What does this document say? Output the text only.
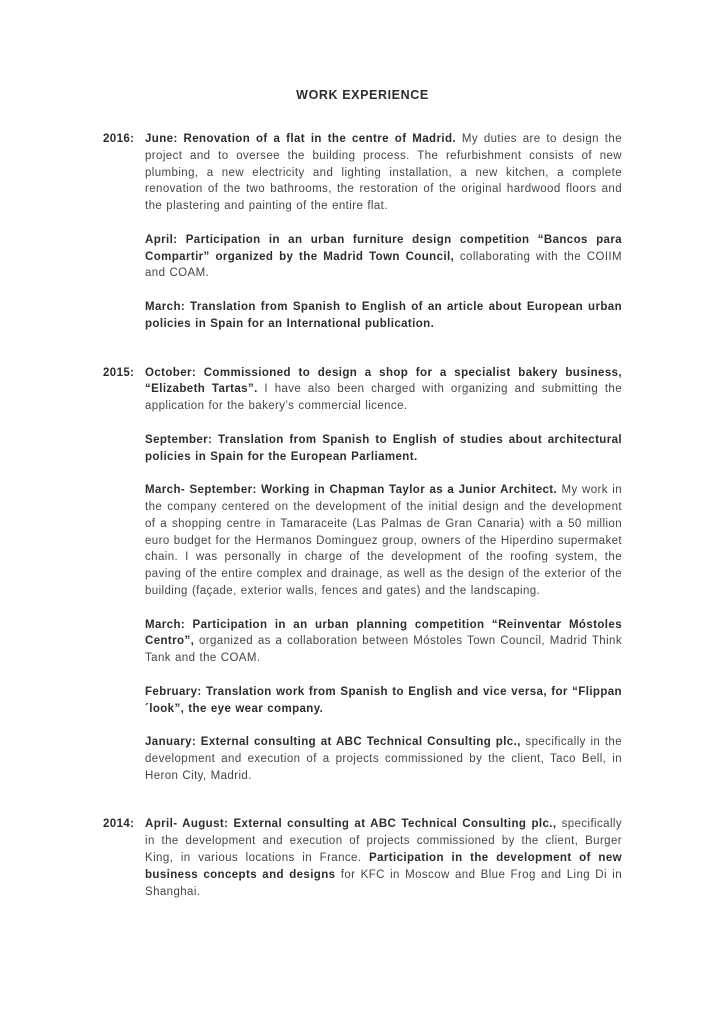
WORK EXPERIENCE
2016: June: Renovation of a flat in the centre of Madrid. My duties are to design the project and to oversee the building process. The refurbishment consists of new plumbing, a new electricity and lighting installation, a new kitchen, a complete renovation of the two bathrooms, the restoration of the original hardwood floors and the plastering and painting of the entire flat.

April: Participation in an urban furniture design competition “Bancos para Compartir” organized by the Madrid Town Council, collaborating with the COIIM and COAM.

March: Translation from Spanish to English of an article about European urban policies in Spain for an International publication.

2015: October: Commissioned to design a shop for a specialist bakery business, “Elizabeth Tartas”. I have also been charged with organizing and submitting the application for the bakery’s commercial licence.

September: Translation from Spanish to English of studies about architectural policies in Spain for the European Parliament.

March- September: Working in Chapman Taylor as a Junior Architect. My work in the company centered on the development of the initial design and the development of a shopping centre in Tamaraceite (Las Palmas de Gran Canaria) with a 50 million euro budget for the Hermanos Dominguez group, owners of the Hiperdino supermaket chain. I was personally in charge of the development of the roofing system, the paving of the entire complex and drainage, as well as the design of the exterior of the building (façade, exterior walls, fences and gates) and the landscaping.

March: Participation in an urban planning competition “Reinventar Móstoles Centro”, organized as a collaboration between Móstoles Town Council, Madrid Think Tank and the COAM.

February: Translation work from Spanish to English and vice versa, for “Flippan´look”, the eye wear company.

January: External consulting at ABC Technical Consulting plc., specifically in the development and execution of a projects commissioned by the client, Taco Bell, in Heron City, Madrid.

2014: April- August: External consulting at ABC Technical Consulting plc., specifically in the development and execution of projects commissioned by the client, Burger King, in various locations in France. Participation in the development of new business concepts and designs for KFC in Moscow and Blue Frog and Ling Di in Shanghai.
